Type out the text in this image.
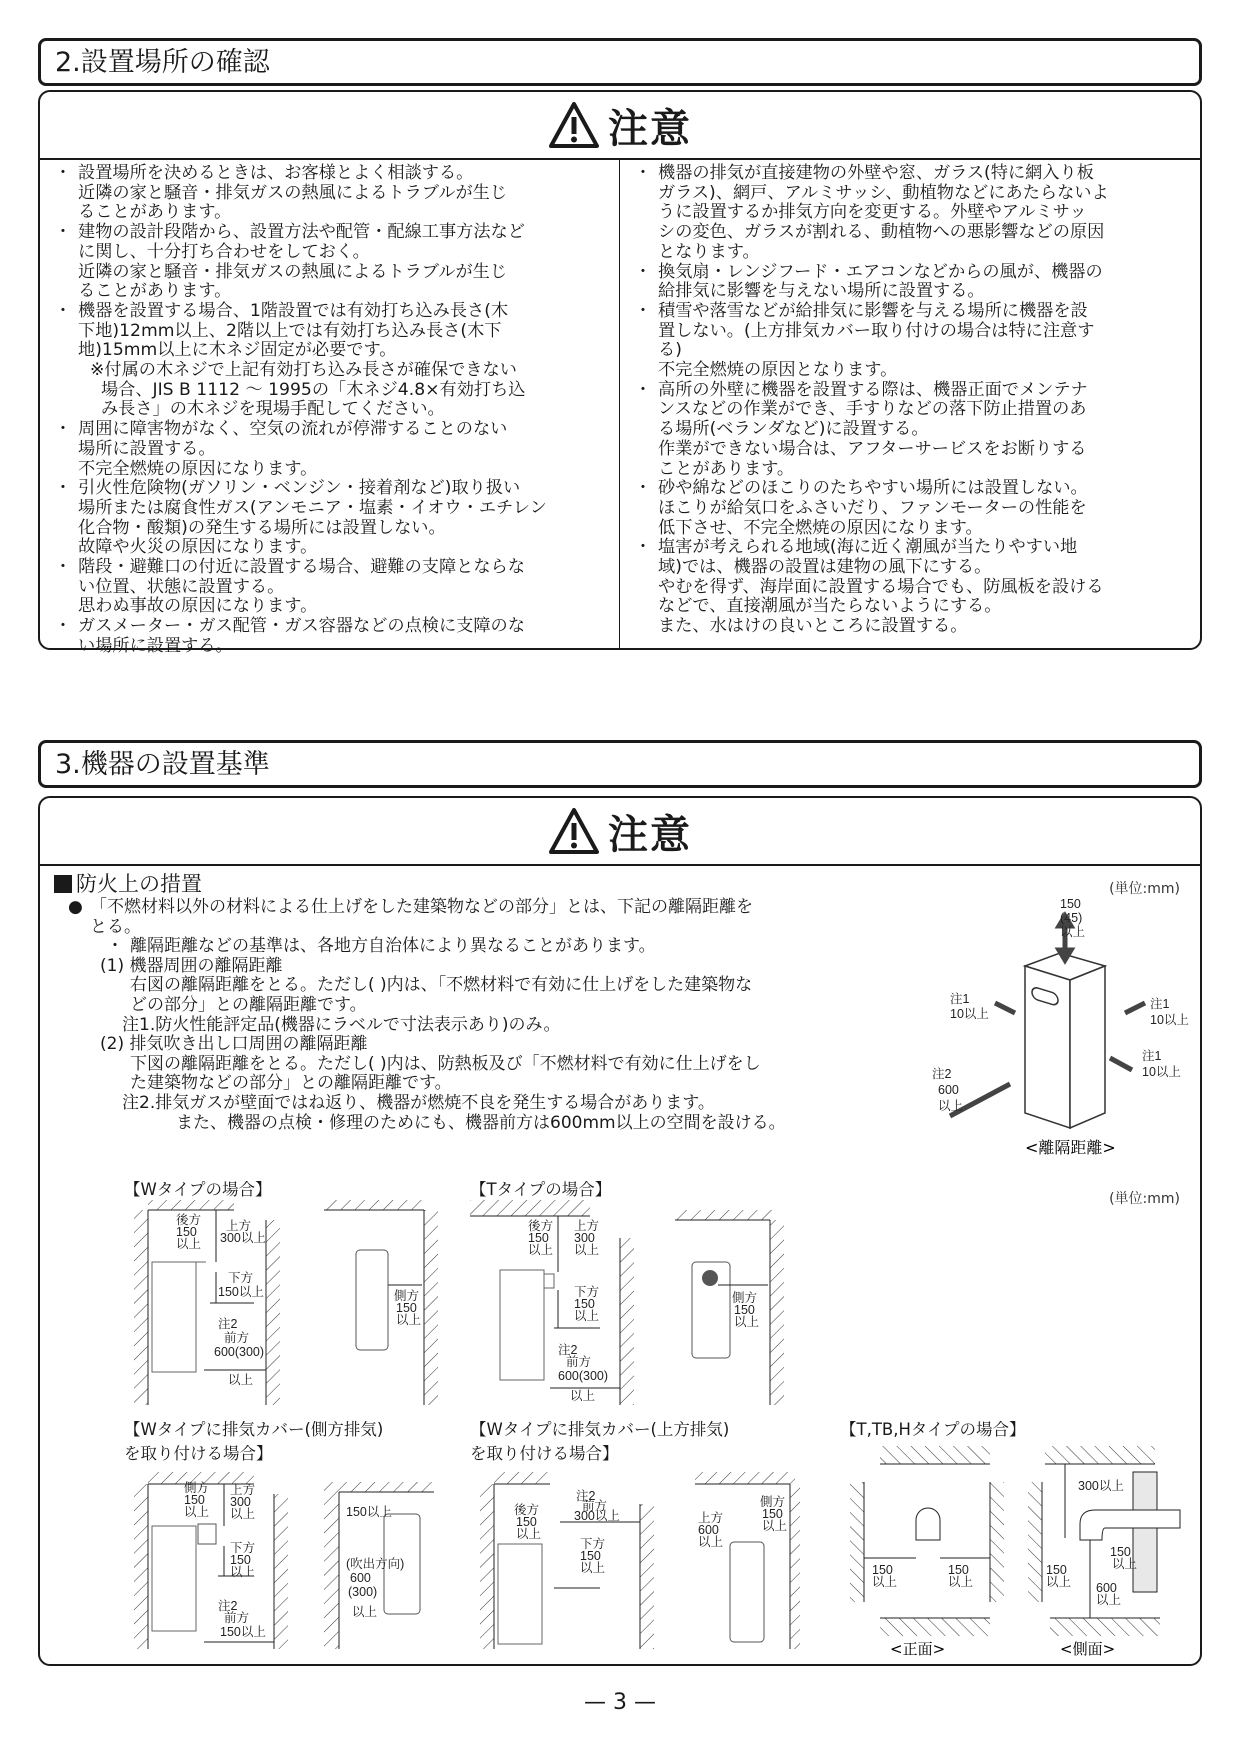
2.設置場所の確認
注意
・ 設置場所を決めるときは、お客様とよく相談する。
近隣の家と騒音・排気ガスの熱風によるトラブルが生じ
ることがあります。
・ 建物の設計段階から、設置方法や配管・配線工事方法など
に関し、十分打ち合わせをしておく。
近隣の家と騒音・排気ガスの熱風によるトラブルが生じ
ることがあります。
・ 機器を設置する場合、1階設置では有効打ち込み長さ(木
下地)12mm以上、2階以上では有効打ち込み長さ(木下
地)15mm以上に木ネジ固定が必要です。
※付属の木ネジで上記有効打ち込み長さが確保できない
場合、JIS B 1112 ～ 1995の「木ネジ4.8×有効打ち込
み長さ」の木ネジを現場手配してください。
・ 周囲に障害物がなく、空気の流れが停滞することのない
場所に設置する。
不完全燃焼の原因になります。
・ 引火性危険物(ガソリン・ベンジン・接着剤など)取り扱い
場所または腐食性ガス(アンモニア・塩素・イオウ・エチレン
化合物・酸類)の発生する場所には設置しない。
故障や火災の原因になります。
・ 階段・避難口の付近に設置する場合、避難の支障とならな
い位置、状態に設置する。
思わぬ事故の原因になります。
・ ガスメーター・ガス配管・ガス容器などの点検に支障のな
い場所に設置する。
・ 機器の排気が直接建物の外壁や窓、ガラス(特に網入り板
ガラス)、網戸、アルミサッシ、動植物などにあたらないよ
うに設置するか排気方向を変更する。外壁やアルミサッ
シの変色、ガラスが割れる、動植物への悪影響などの原因
となります。
・ 換気扇・レンジフード・エアコンなどからの風が、機器の
給排気に影響を与えない場所に設置する。
・ 積雪や落雪などが給排気に影響を与える場所に機器を設
置しない。(上方排気カバー取り付けの場合は特に注意す
る)
不完全燃焼の原因となります。
・ 高所の外壁に機器を設置する際は、機器正面でメンテナ
ンスなどの作業ができ、手すりなどの落下防止措置のあ
る場所(ベランダなど)に設置する。
作業ができない場合は、アフターサービスをお断りする
ことがあります。
・ 砂や綿などのほこりのたちやすい場所には設置しない。
ほこりが給気口をふさいだり、ファンモーターの性能を
低下させ、不完全燃焼の原因になります。
・ 塩害が考えられる地域(海に近く潮風が当たりやすい地
域)では、機器の設置は建物の風下にする。
やむを得ず、海岸面に設置する場合でも、防風板を設ける
などで、直接潮風が当たらないようにする。
また、水はけの良いところに設置する。
3.機器の設置基準
注意
防火上の措置
● 「不燃材料以外の材料による仕上げをした建築物などの部分」とは、下記の離隔距離を
とる。
・ 離隔距離などの基準は、各地方自治体により異なることがあります。
(1) 機器周囲の離隔距離
右図の離隔距離をとる。ただし( )内は、「不燃材料で有効に仕上げをした建築物な
どの部分」との離隔距離です。
注1.防火性能評定品(機器にラベルで寸法表示あり)のみ。
(2) 排気吹き出し口周囲の離隔距離
下図の離隔距離をとる。ただし( )内は、防熱板及び「不燃材料で有効に仕上げをし
た建築物などの部分」との離隔距離です。
注2.排気ガスが壁面ではね返り、機器が燃焼不良を発生する場合があります。
また、機器の点検・修理のためにも、機器前方は600mm以上の空間を設ける。
(単位:mm)
(単位:mm)
150
(45)
以上
注1
10以上
注1
10以上
注1
10以上
注2
600
以上
<離隔距離>
【Wタイプの場合】	【Tタイプの場合】
【Wタイプに排気カバー(側方排気)
を取り付ける場合】
【Wタイプに排気カバー(上方排気)
を取り付ける場合】
【T,TB,Hタイプの場合】
後方
150
以上
上方
300以上
下方
150以上
注2
前方
600(300)
以上
側方
150
以上
後方
150
以上
上方
300
以上
下方
150
以上
注2
前方
600(300)
以上
側方
150
以上
側方
150
以上
上方
300
以上
下方
150
以上
注2
前方
150以上
150以上
(吹出方向)
600
(300)
以上
後方
150
以上
注2
前方
300以上
下方
150
以上
上方
600
以上
側方
150
以上
150
以上
150
以上
<正面>
300以上
150
以上
150
以上
600
以上
<側面>
— 3 —
